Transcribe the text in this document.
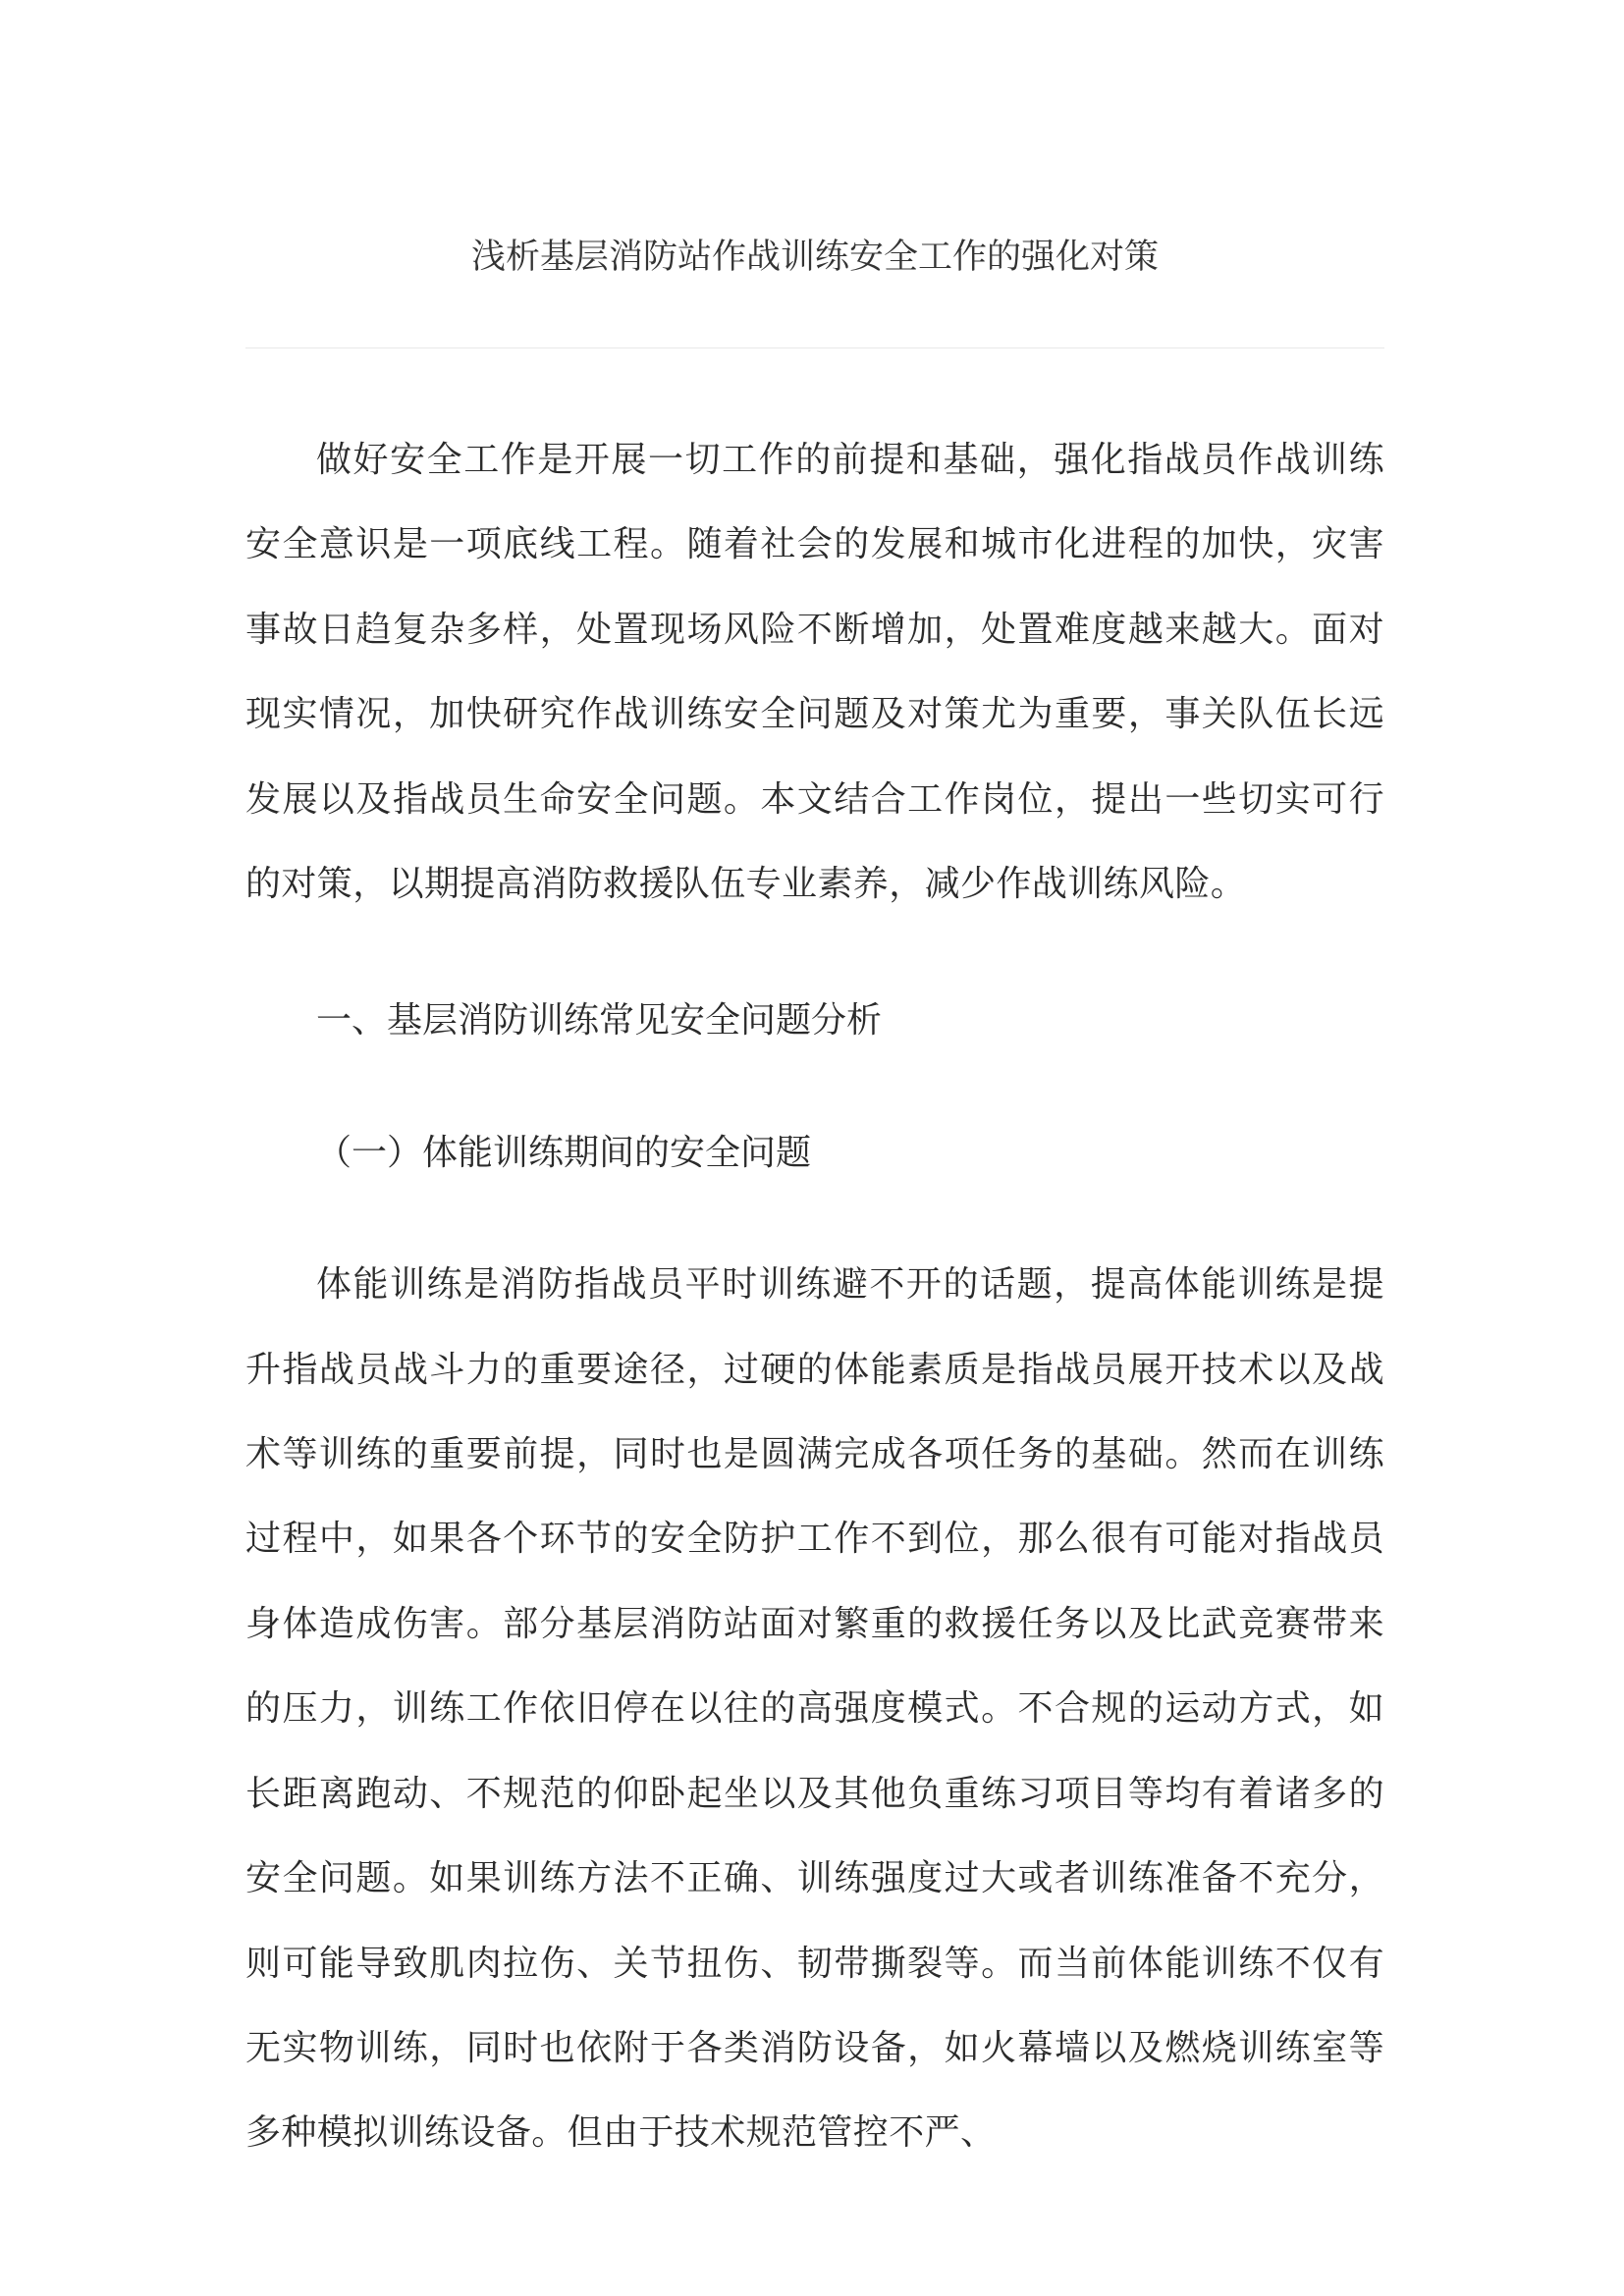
浅析基层消防站作战训练安全工作的强化对策

做好安全工作是开展一切工作的前提和基础，强化指战员作战训练安全意识是一项底线工程。随着社会的发展和城市化进程的加快，灾害事故日趋复杂多样，处置现场风险不断增加，处置难度越来越大。面对现实情况，加快研究作战训练安全问题及对策尤为重要，事关队伍长远发展以及指战员生命安全问题。本文结合工作岗位，提出一些切实可行的对策，以期提高消防救援队伍专业素养，减少作战训练风险。

一、基层消防训练常见安全问题分析

（一）体能训练期间的安全问题

体能训练是消防指战员平时训练避不开的话题，提高体能训练是提升指战员战斗力的重要途径，过硬的体能素质是指战员展开技术以及战术等训练的重要前提，同时也是圆满完成各项任务的基础。然而在训练过程中，如果各个环节的安全防护工作不到位，那么很有可能对指战员身体造成伤害。部分基层消防站面对繁重的救援任务以及比武竞赛带来的压力，训练工作依旧停在以往的高强度模式。不合规的运动方式，如长距离跑动、不规范的仰卧起坐以及其他负重练习项目等均有着诸多的安全问题。如果训练方法不正确、训练强度过大或者训练准备不充分，则可能导致肌肉拉伤、关节扭伤、韧带撕裂等。而当前体能训练不仅有无实物训练，同时也依附于各类消防设备，如火幕墙以及燃烧训练室等多种模拟训练设备。但由于技术规范管控不严、
